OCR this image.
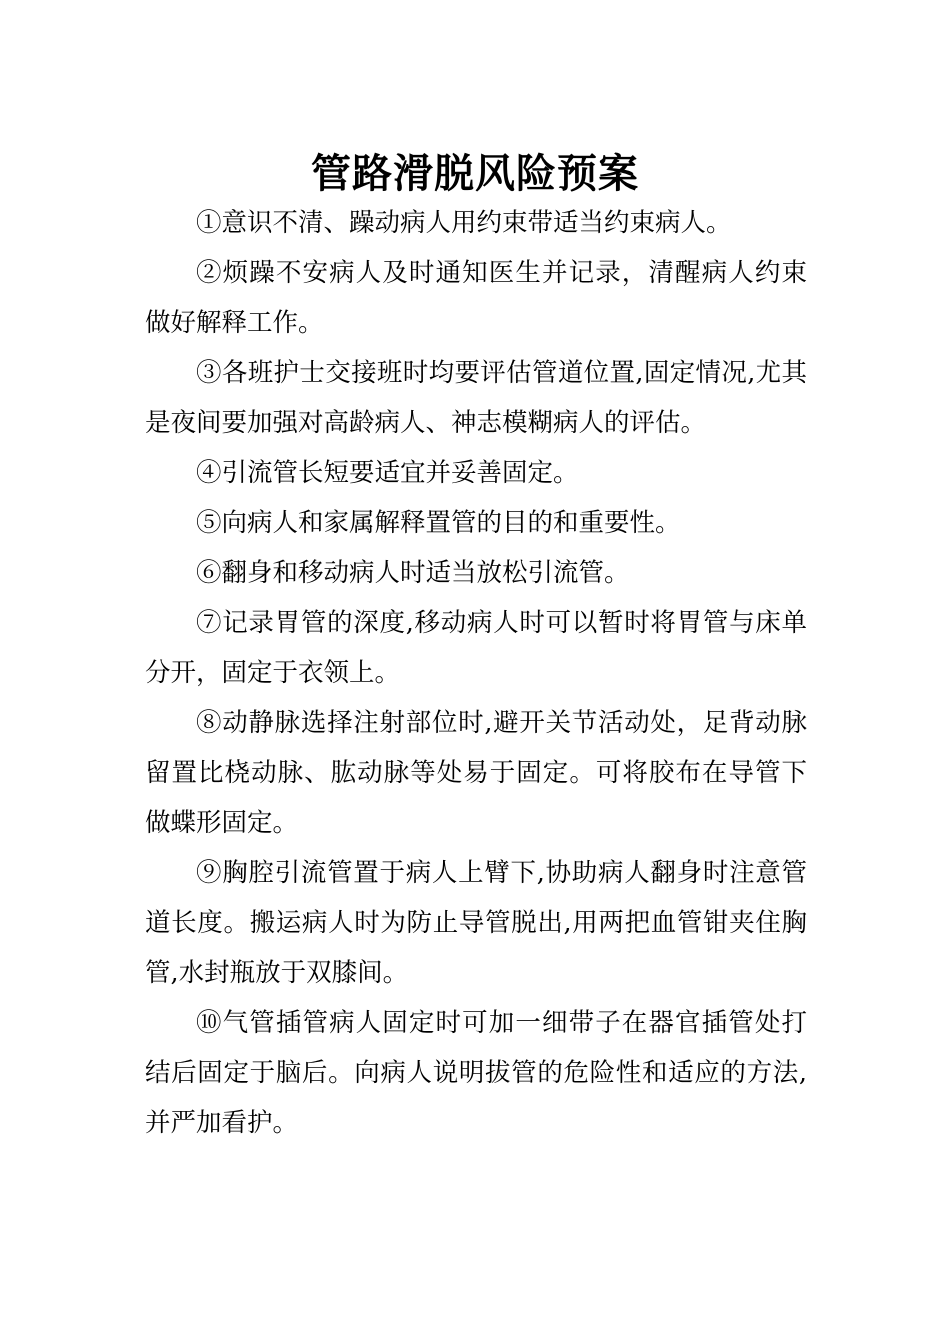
管路滑脱风险预案

①意识不清、躁动病人用约束带适当约束病人。

②烦躁不安病人及时通知医生并记录，清醒病人约束做好解释工作。

③各班护士交接班时均要评估管道位置,固定情况,尤其是夜间要加强对高龄病人、神志模糊病人的评估。

④引流管长短要适宜并妥善固定。

⑤向病人和家属解释置管的目的和重要性。

⑥翻身和移动病人时适当放松引流管。

⑦记录胃管的深度,移动病人时可以暂时将胃管与床单分开，固定于衣领上。

⑧动静脉选择注射部位时,避开关节活动处，足背动脉留置比桡动脉、肱动脉等处易于固定。可将胶布在导管下做蝶形固定。

⑨胸腔引流管置于病人上臂下,协助病人翻身时注意管道长度。搬运病人时为防止导管脱出,用两把血管钳夹住胸管,水封瓶放于双膝间。

⑩气管插管病人固定时可加一细带子在器官插管处打结后固定于脑后。向病人说明拔管的危险性和适应的方法,并严加看护。
